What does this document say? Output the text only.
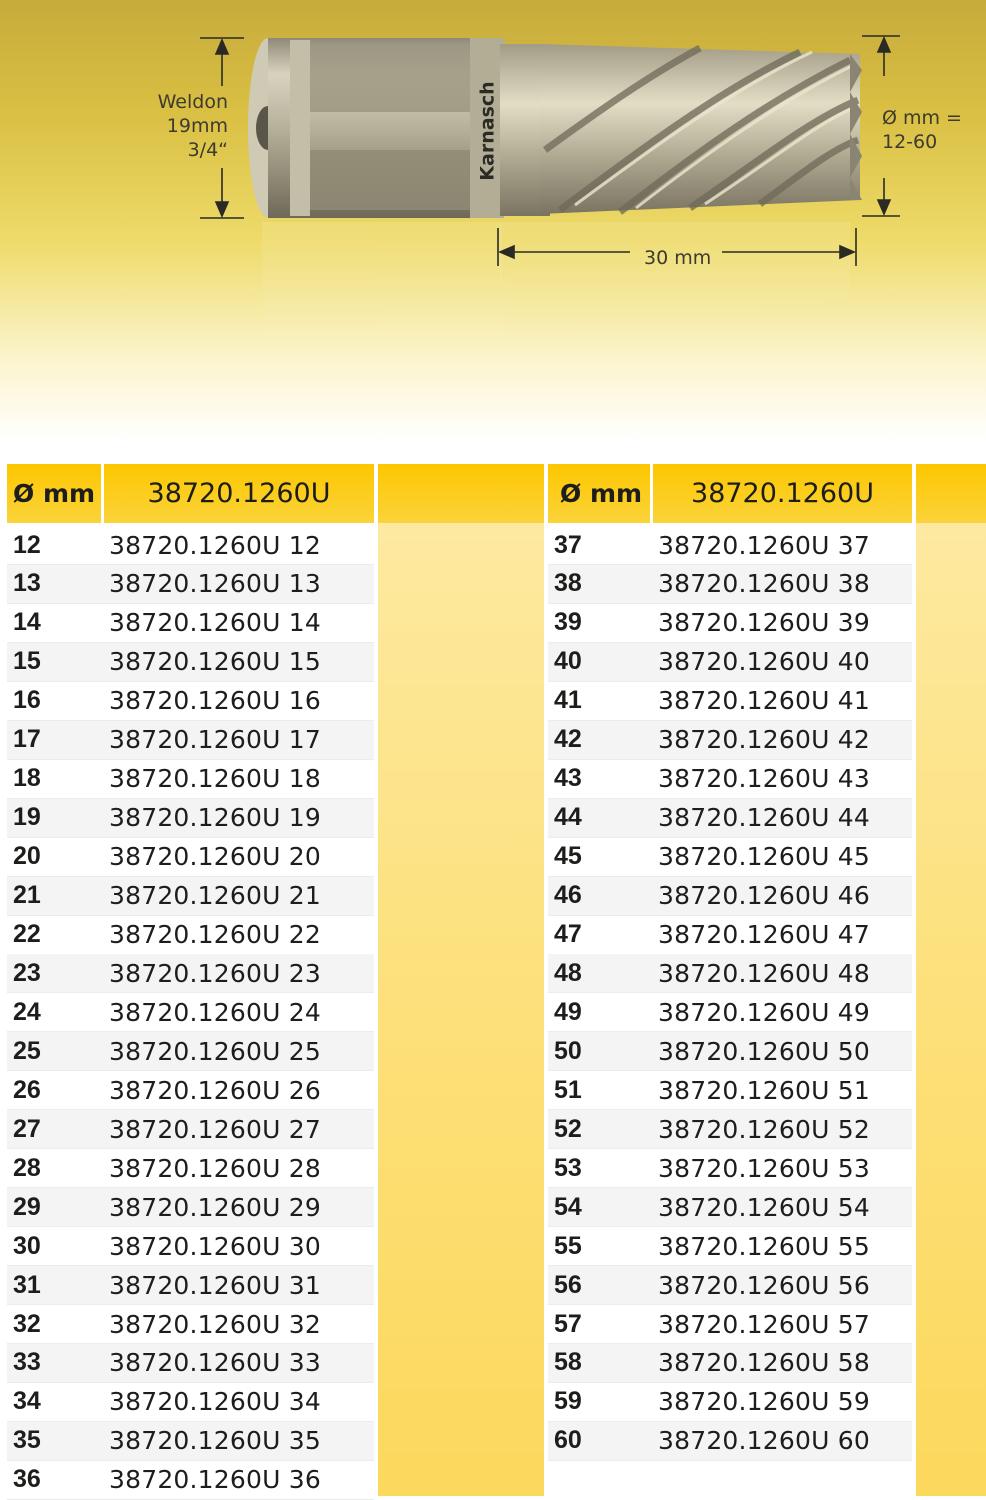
Karnasch
Weldon
19mm
3/4“
Ø mm =
12-60
30 mm
Ø mm 38720.1260U	Ø mm 38720.1260U
12	38720.1260U 12
13	38720.1260U 13
14	38720.1260U 14
15	38720.1260U 15
16	38720.1260U 16
17	38720.1260U 17
18	38720.1260U 18
19	38720.1260U 19
20	38720.1260U 20
21	38720.1260U 21
22	38720.1260U 22
23	38720.1260U 23
24	38720.1260U 24
25	38720.1260U 25
26	38720.1260U 26
27	38720.1260U 27
28	38720.1260U 28
29	38720.1260U 29
30	38720.1260U 30
31	38720.1260U 31
32	38720.1260U 32
33	38720.1260U 33
34	38720.1260U 34
35	38720.1260U 35
36	38720.1260U 36
37	38720.1260U 37
38	38720.1260U 38
39	38720.1260U 39
40	38720.1260U 40
41	38720.1260U 41
42	38720.1260U 42
43	38720.1260U 43
44	38720.1260U 44
45	38720.1260U 45
46	38720.1260U 46
47	38720.1260U 47
48	38720.1260U 48
49	38720.1260U 49
50	38720.1260U 50
51	38720.1260U 51
52	38720.1260U 52
53	38720.1260U 53
54	38720.1260U 54
55	38720.1260U 55
56	38720.1260U 56
57	38720.1260U 57
58	38720.1260U 58
59	38720.1260U 59
60	38720.1260U 60
